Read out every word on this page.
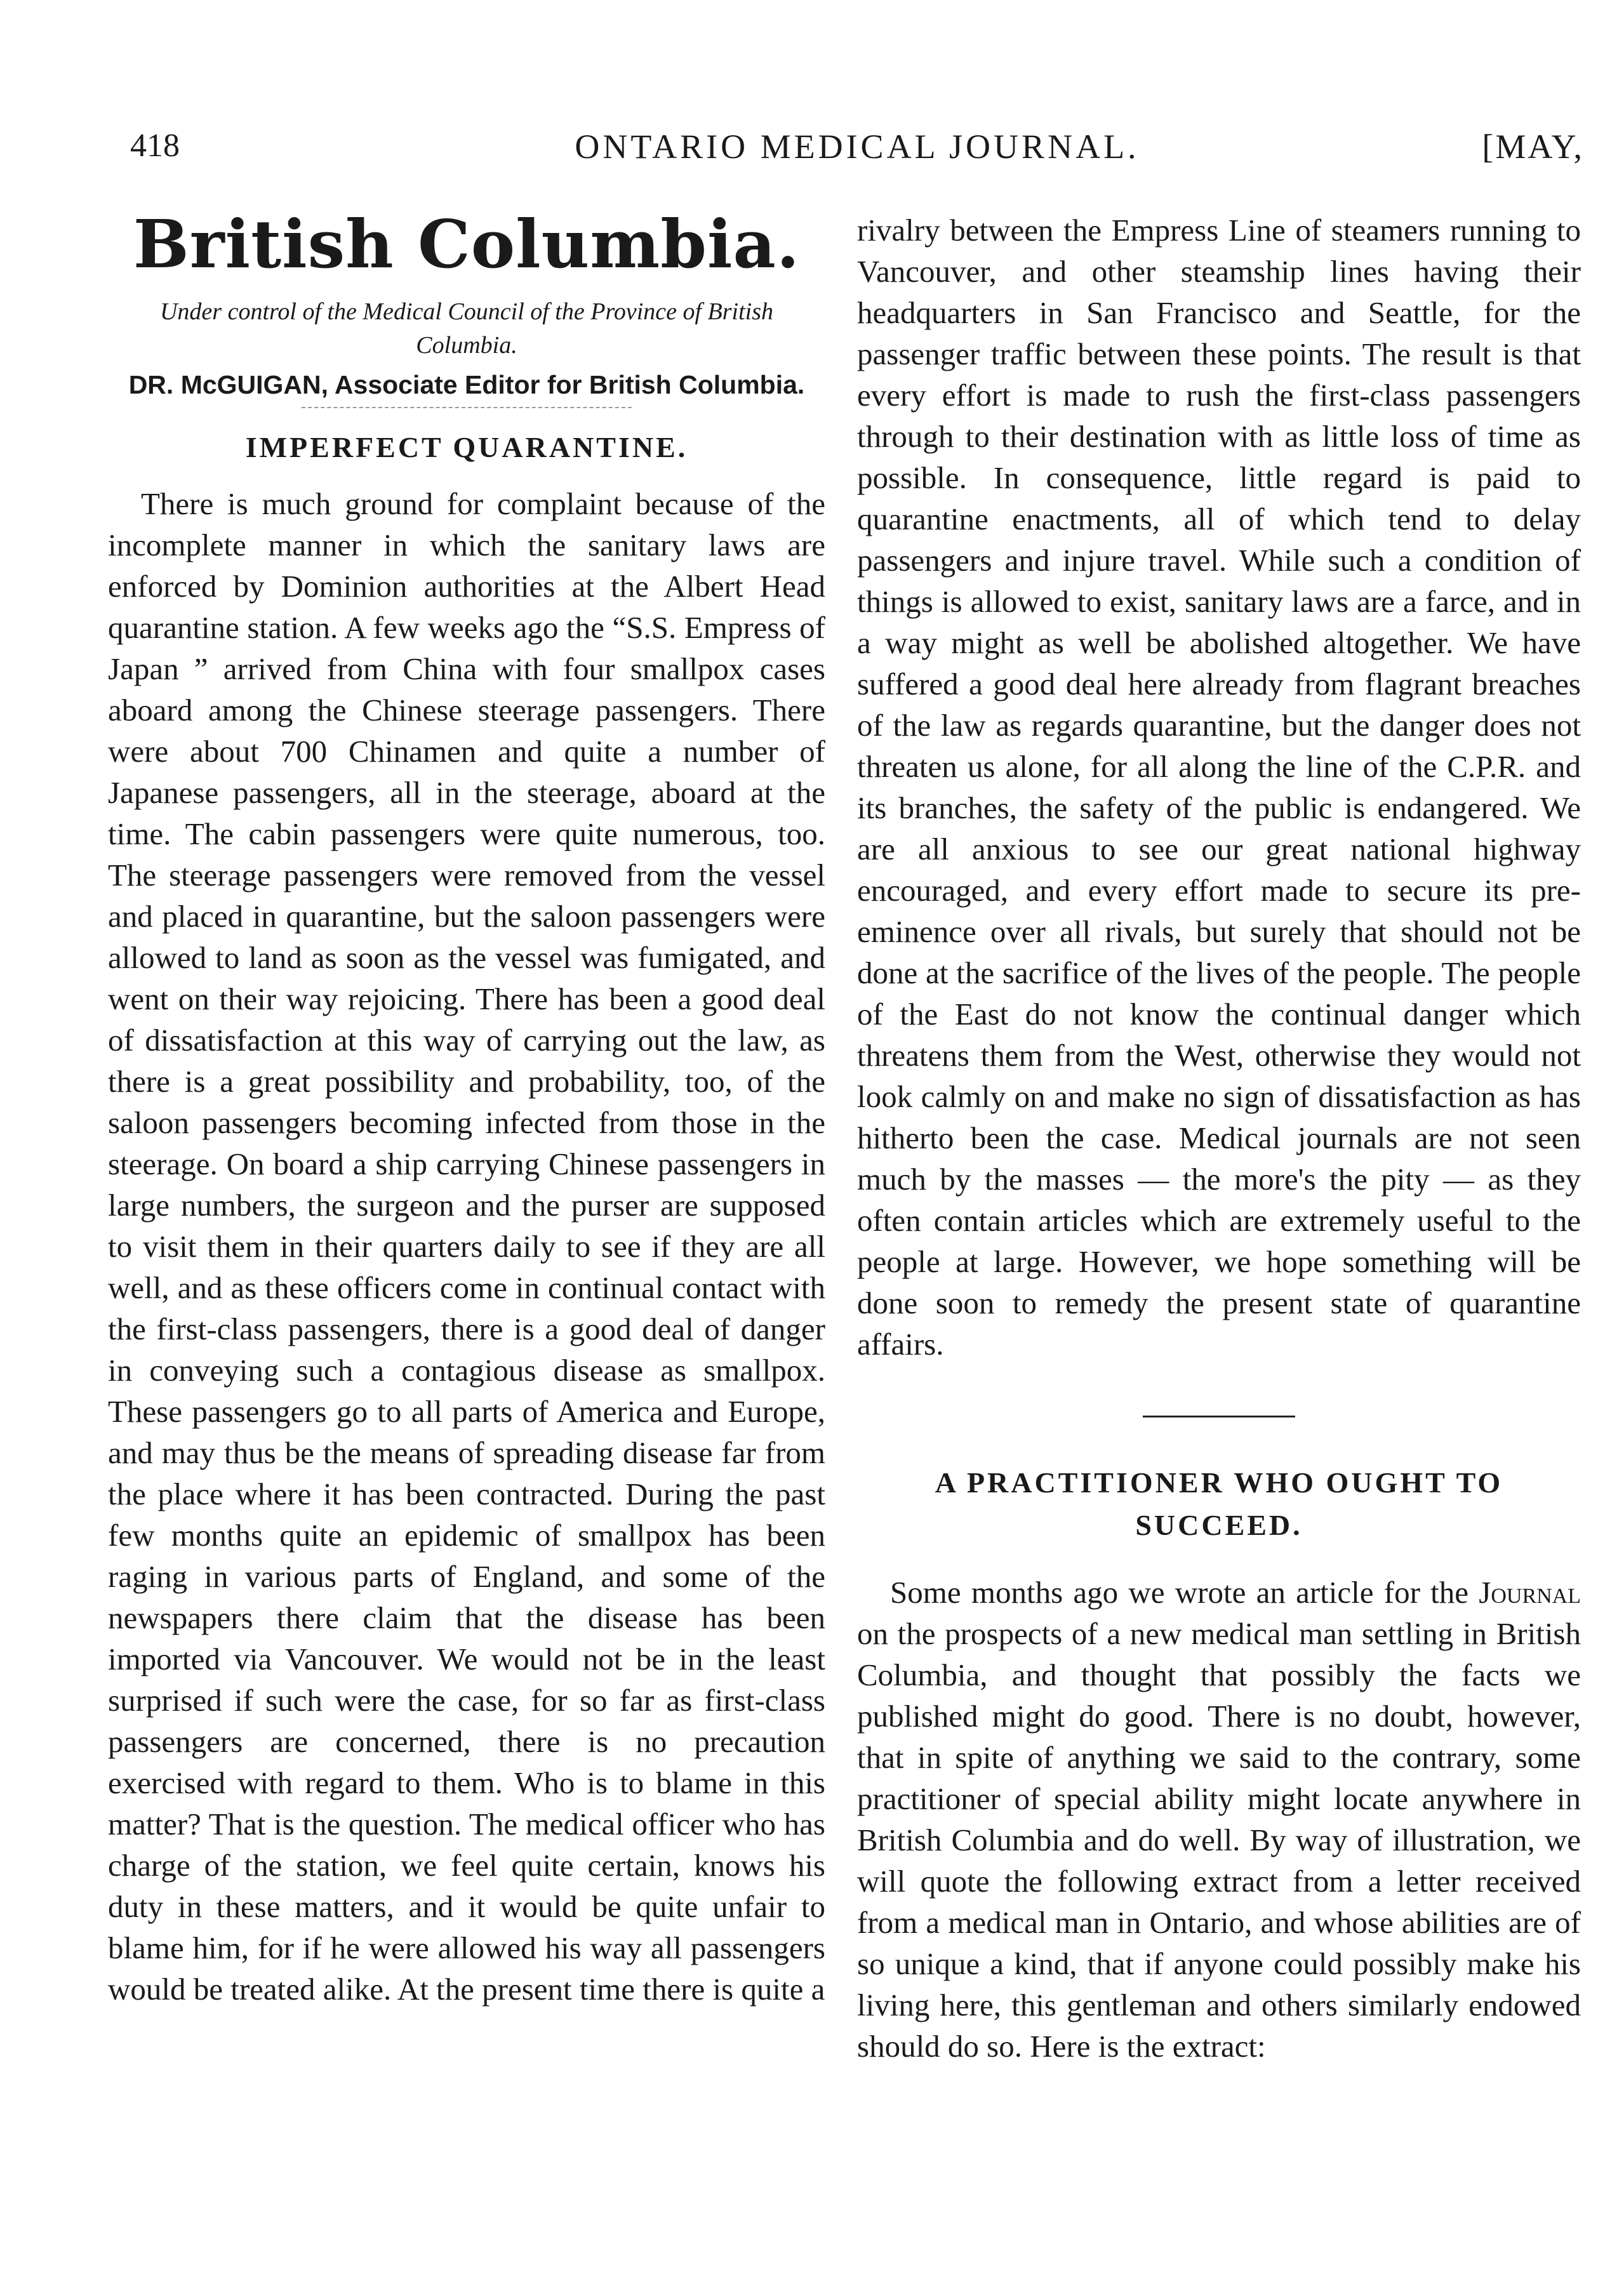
418	ONTARIO MEDICAL JOURNAL.	[MAY,
British Columbia.

Under control of the Medical Council of the Province of British Columbia.

DR. McGUIGAN, Associate Editor for British Columbia.

IMPERFECT QUARANTINE.

There is much ground for complaint because of the incomplete manner in which the sanitary laws are enforced by Dominion authorities at the Albert Head quarantine station. A few weeks ago the “S.S. Empress of Japan ” arrived from China with four smallpox cases aboard among the Chinese steerage passengers. There were about 700 Chinamen and quite a number of Japanese passengers, all in the steerage, aboard at the time. The cabin passengers were quite numerous, too. The steerage passengers were removed from the vessel and placed in quarantine, but the saloon passengers were allowed to land as soon as the vessel was fumigated, and went on their way rejoicing. There has been a good deal of dissatisfaction at this way of carrying out the law, as there is a great possibility and probability, too, of the saloon passengers becoming infected from those in the steerage. On board a ship carrying Chinese passengers in large numbers, the surgeon and the purser are supposed to visit them in their quarters daily to see if they are all well, and as these officers come in continual contact with the first-class passengers, there is a good deal of danger in conveying such a contagious disease as smallpox. These passengers go to all parts of America and Europe, and may thus be the means of spreading disease far from the place where it has been contracted. During the past few months quite an epidemic of smallpox has been raging in various parts of England, and some of the newspapers there claim that the disease has been imported via Vancouver. We would not be in the least surprised if such were the case, for so far as first-class passengers are concerned, there is no precaution exercised with regard to them. Who is to blame in this matter? That is the question. The medical officer who has charge of the station, we feel quite certain, knows his duty in these matters, and it would be quite unfair to blame him, for if he were allowed his way all passengers would be treated alike. At the present time there is quite a

rivalry between the Empress Line of steamers running to Vancouver, and other steamship lines having their headquarters in San Francisco and Seattle, for the passenger traffic between these points. The result is that every effort is made to rush the first-class passengers through to their destination with as little loss of time as possible. In consequence, little regard is paid to quarantine enactments, all of which tend to delay passengers and injure travel. While such a condition of things is allowed to exist, sanitary laws are a farce, and in a way might as well be abolished altogether. We have suffered a good deal here already from flagrant breaches of the law as regards quarantine, but the danger does not threaten us alone, for all along the line of the C.P.R. and its branches, the safety of the public is endangered. We are all anxious to see our great national highway encouraged, and every effort made to secure its pre-eminence over all rivals, but surely that should not be done at the sacrifice of the lives of the people. The people of the East do not know the continual danger which threatens them from the West, otherwise they would not look calmly on and make no sign of dissatisfaction as has hitherto been the case. Medical journals are not seen much by the masses — the more's the pity — as they often contain articles which are extremely useful to the people at large. However, we hope something will be done soon to remedy the present state of quarantine affairs.

A PRACTITIONER WHO OUGHT TO SUCCEED.

Some months ago we wrote an article for the Journal on the prospects of a new medical man settling in British Columbia, and thought that possibly the facts we published might do good. There is no doubt, however, that in spite of anything we said to the contrary, some practitioner of special ability might locate anywhere in British Columbia and do well. By way of illustration, we will quote the following extract from a letter received from a medical man in Ontario, and whose abilities are of so unique a kind, that if anyone could possibly make his living here, this gentleman and others similarly endowed should do so. Here is the extract:
